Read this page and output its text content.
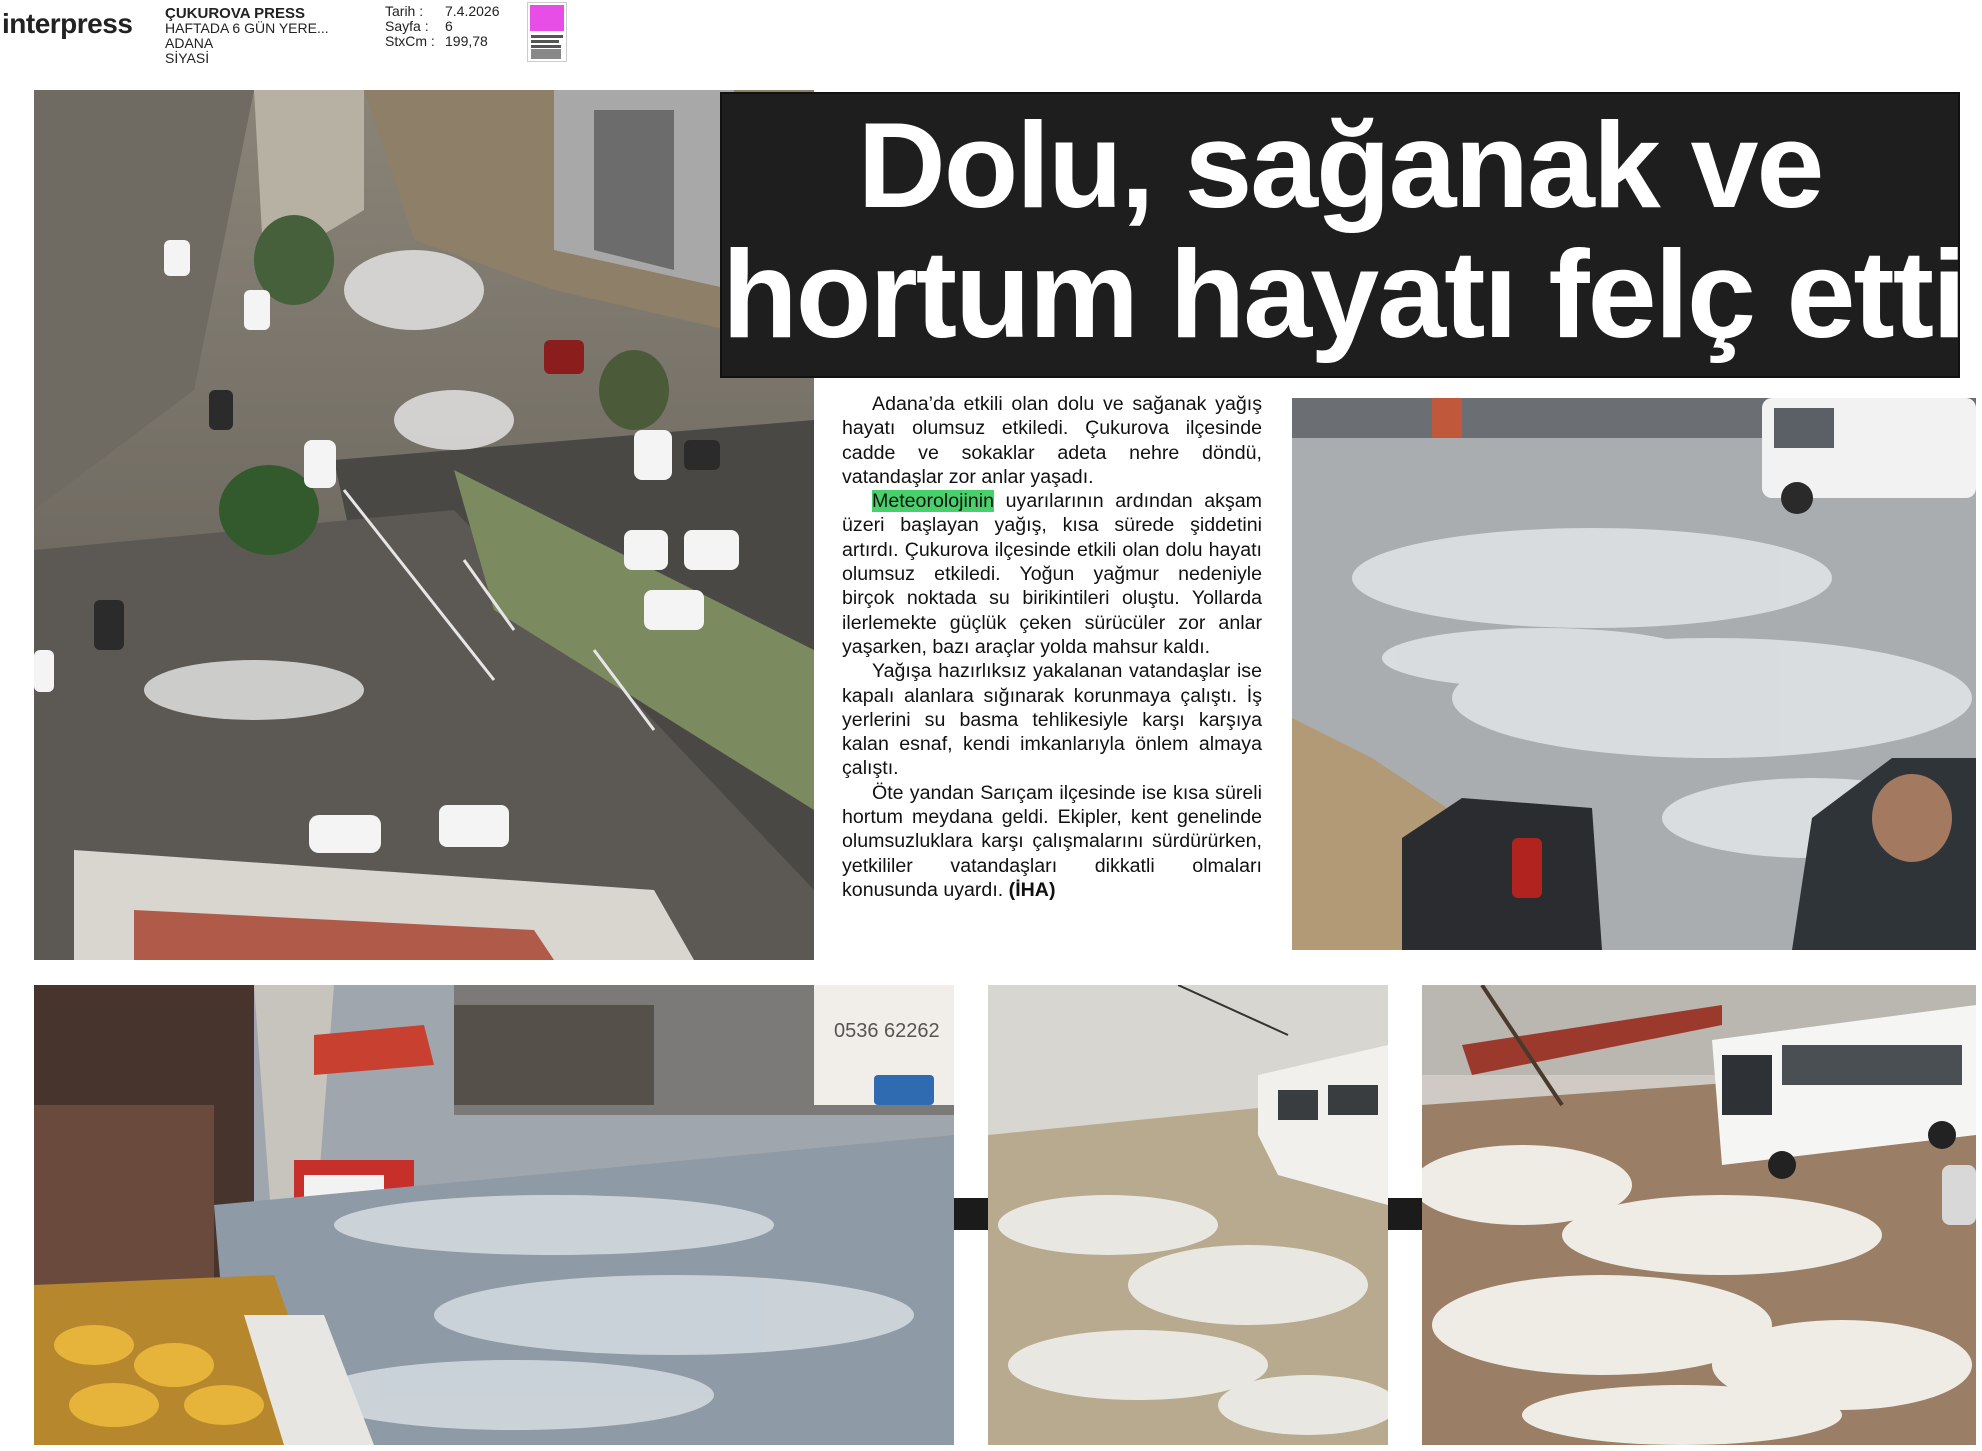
interpress ÇUKUROVA PRESS
HAFTADA 6 GÜN YERE...
ADANA
SİYASİ
Tarih : 7.4.2026
Sayfa : 6
StxCm : 199,78
Dolu, sağanak ve
hortum hayatı felç etti

Adana’da etkili olan dolu ve sağanak yağış hayatı olumsuz etkiledi. Çukurova ilçesinde cadde ve sokaklar adeta nehre döndü, vatandaşlar zor anlar yaşadı.

Meteorolojinin uyarılarının ardından akşam üzeri başlayan yağış, kısa sürede şiddetini artırdı. Çukurova ilçesinde etkili olan dolu hayatı olumsuz etkiledi. Yoğun yağmur nedeniyle birçok noktada su birikintileri oluştu. Yollarda ilerlemekte güçlük çeken sürücüler zor anlar yaşarken, bazı araçlar yolda mahsur kaldı.

Yağışa hazırlıksız yakalanan vatandaşlar ise kapalı alanlara sığınarak korunmaya çalıştı. İş yerlerini su basma tehlikesiyle karşı karşıya kalan esnaf, kendi imkanlarıyla önlem almaya çalıştı.

Öte yandan Sarıçam ilçesinde ise kısa süreli hortum meydana geldi. Ekipler, kent genelinde olumsuzluklara karşı çalışmalarını sürdürürken, yetkililer vatandaşları dikkatli olmaları konusunda uyardı. (İHA)

0536 62262
